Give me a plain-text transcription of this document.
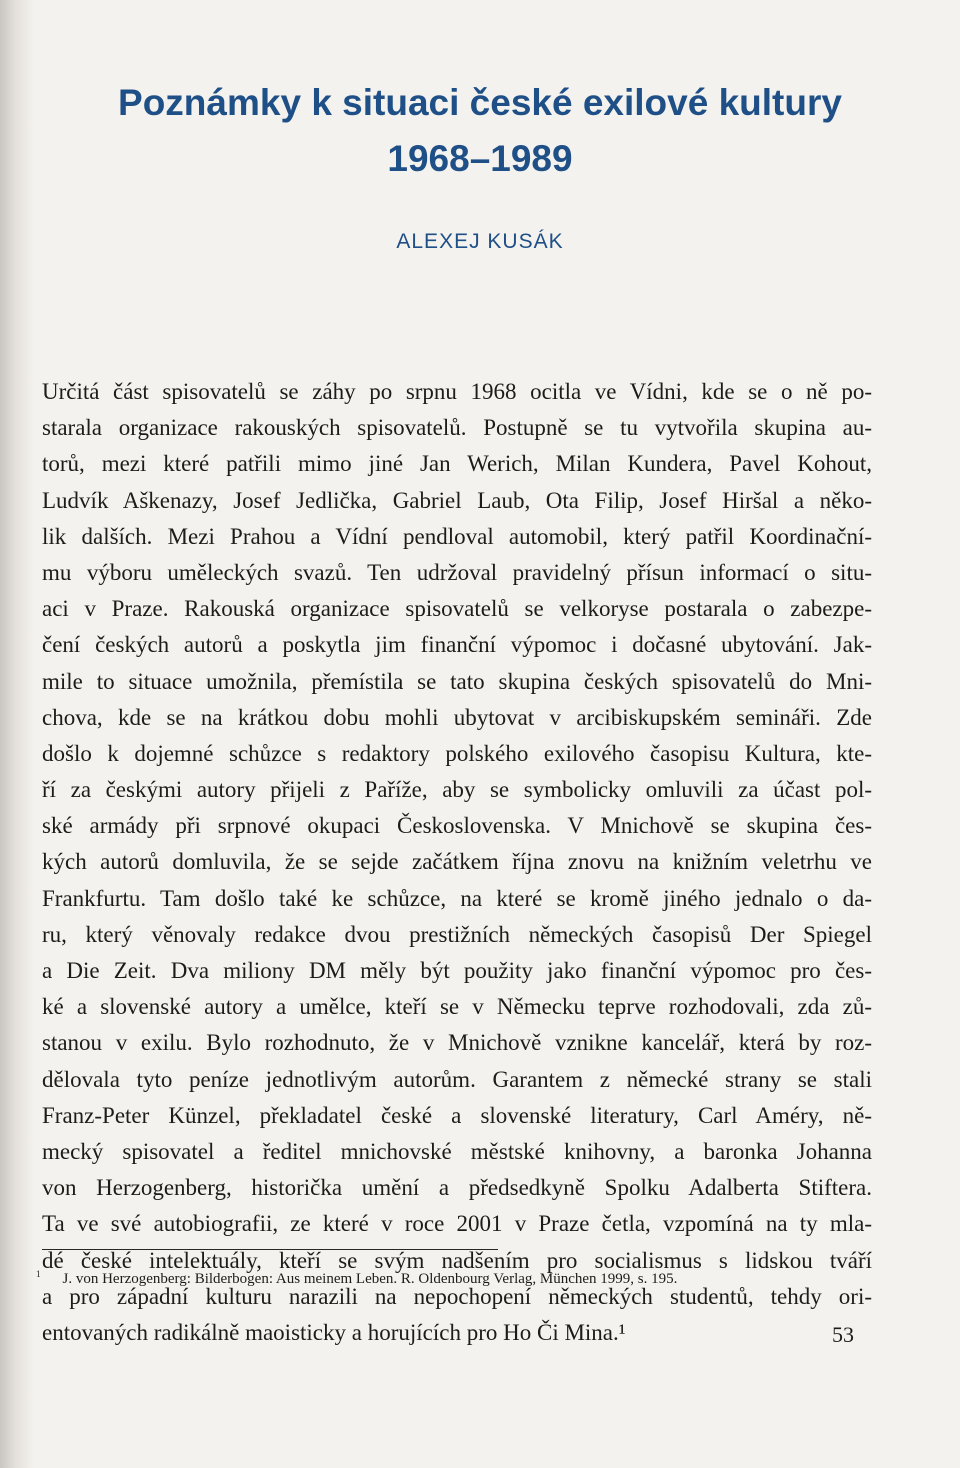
Poznámky k situaci české exilové kultury
1968–1989

ALEXEJ KUSÁK

Určitá část spisovatelů se záhy po srpnu 1968 ocitla ve Vídni, kde se o ně po-
starala organizace rakouských spisovatelů. Postupně se tu vytvořila skupina au-
torů, mezi které patřili mimo jiné Jan Werich, Milan Kundera, Pavel Kohout,
Ludvík Aškenazy, Josef Jedlička, Gabriel Laub, Ota Filip, Josef Hiršal a něko-
lik dalších. Mezi Prahou a Vídní pendloval automobil, který patřil Koordinační-
mu výboru uměleckých svazů. Ten udržoval pravidelný přísun informací o situ-
aci v Praze. Rakouská organizace spisovatelů se velkoryse postarala o zabezpe-
čení českých autorů a poskytla jim finanční výpomoc i dočasné ubytování. Jak-
mile to situace umožnila, přemístila se tato skupina českých spisovatelů do Mni-
chova, kde se na krátkou dobu mohli ubytovat v arcibiskupském semináři. Zde
došlo k dojemné schůzce s redaktory polského exilového časopisu Kultura, kte-
ří za českými autory přijeli z Paříže, aby se symbolicky omluvili za účast pol-
ské armády při srpnové okupaci Československa. V Mnichově se skupina čes-
kých autorů domluvila, že se sejde začátkem října znovu na knižním veletrhu ve
Frankfurtu. Tam došlo také ke schůzce, na které se kromě jiného jednalo o da-
ru, který věnovaly redakce dvou prestižních německých časopisů Der Spiegel
a Die Zeit. Dva miliony DM měly být použity jako finanční výpomoc pro čes-
ké a slovenské autory a umělce, kteří se v Německu teprve rozhodovali, zda zů-
stanou v exilu. Bylo rozhodnuto, že v Mnichově vznikne kancelář, která by roz-
dělovala tyto peníze jednotlivým autorům. Garantem z německé strany se stali
Franz-Peter Künzel, překladatel české a slovenské literatury, Carl Améry, ně-
mecký spisovatel a ředitel mnichovské městské knihovny, a baronka Johanna
von Herzogenberg, historička umění a předsedkyně Spolku Adalberta Stiftera.
Ta ve své autobiografii, ze které v roce 2001 v Praze četla, vzpomíná na ty mla-
dé české intelektuály, kteří se svým nadšením pro socialismus s lidskou tváří
a pro západní kulturu narazili na nepochopení německých studentů, tehdy ori-
entovaných radikálně maoisticky a horujících pro Ho Či Mina.¹

$^1$ J. von Herzogenberg: Bilderbogen: Aus meinem Leben. R. Oldenbourg Verlag, München 1999, s. 195.

53
